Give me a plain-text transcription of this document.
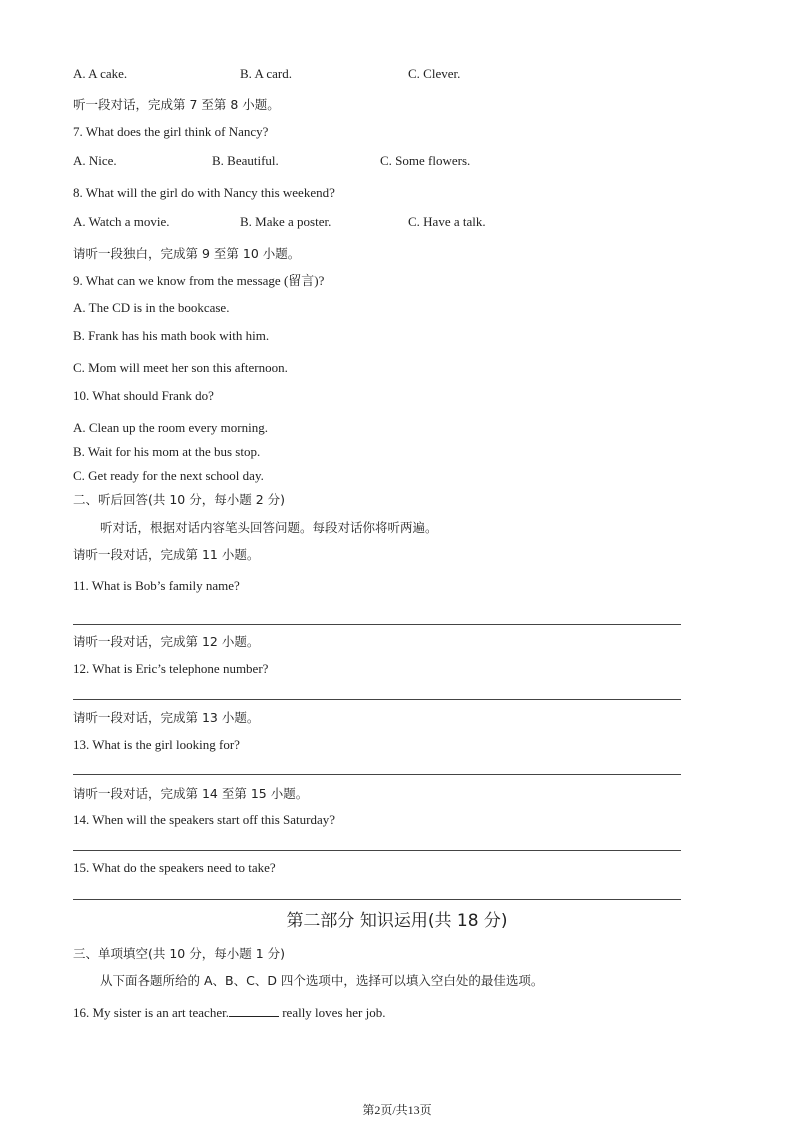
A. A cake.	B. A card.	C. Clever.
听一段对话，完成第 7 至第 8 小题。
7. What does the girl think of Nancy?
A. Nice.	B. Beautiful.	C. Some flowers.
8. What will the girl do with Nancy this weekend?
A. Watch a movie.	B. Make a poster.	C. Have a talk.
请听一段独白，完成第 9 至第 10 小题。
9. What can we know from the message (留言)?
A. The CD is in the bookcase.
B. Frank has his math book with him.
C. Mom will meet her son this afternoon.
10. What should Frank do?
A. Clean up the room every morning.
B. Wait for his mom at the bus stop.
C. Get ready for the next school day.
二、听后回答(共 10 分，每小题 2 分)
听对话，根据对话内容笔头回答问题。每段对话你将听两遍。
请听一段对话，完成第 11 小题。
11. What is Bob’s family name?
请听一段对话，完成第 12 小题。
12. What is Eric’s telephone number?
请听一段对话，完成第 13 小题。
13. What is the girl looking for?
请听一段对话，完成第 14 至第 15 小题。
14. When will the speakers start off this Saturday?
15. What do the speakers need to take?
第二部分 知识运用(共 18 分)
三、单项填空(共 10 分，每小题 1 分)
从下面各题所给的 A、B、C、D 四个选项中，选择可以填入空白处的最佳选项。
16. My sister is an art teacher.	really loves her job.
第2页/共13页
